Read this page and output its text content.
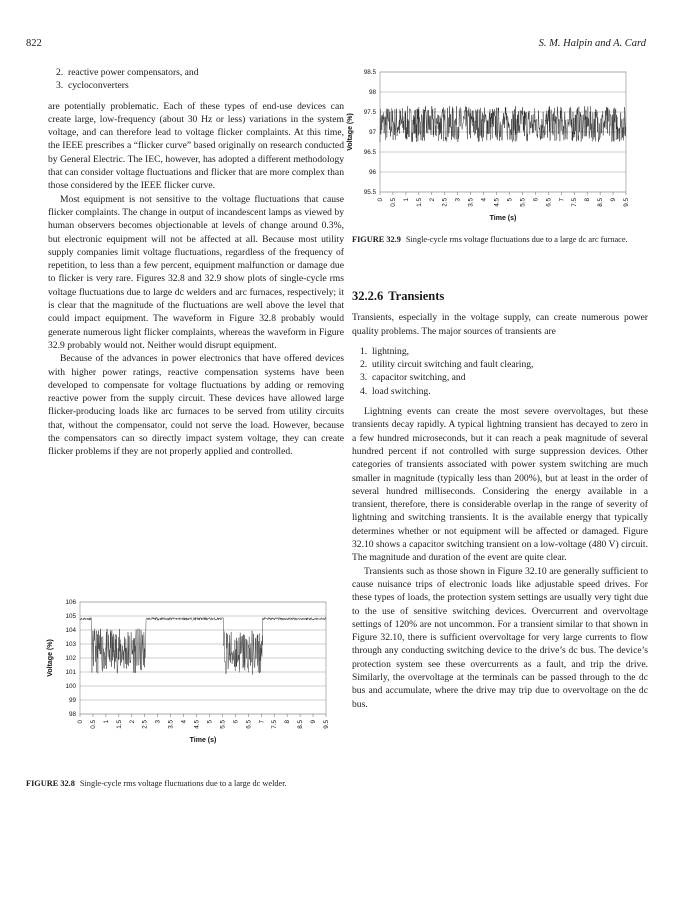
822	S. M. Halpin and A. Card
2. reactive power compensators, and
3. cycloconverters

are potentially problematic. Each of these types of end-use devices can create large, low-frequency (about 30 Hz or less) variations in the system voltage, and can therefore lead to voltage flicker complaints. At this time, the IEEE prescribes a “flicker curve” based originally on research conducted by General Electric. The IEC, however, has adopted a different methodology that can consider voltage fluctuations and flicker that are more complex than those considered by the IEEE flicker curve.

Most equipment is not sensitive to the voltage fluctuations that cause flicker complaints. The change in output of incandescent lamps as viewed by human observers becomes objectionable at levels of change around 0.3%, but electronic equipment will not be affected at all. Because most utility supply companies limit voltage fluctuations, regardless of the frequency of repetition, to less than a few percent, equipment malfunction or damage due to flicker is very rare. Figures 32.8 and 32.9 show plots of single-cycle rms voltage fluctuations due to large dc welders and arc furnaces, respectively; it is clear that the magnitude of the fluctuations are well above the level that could impact equipment. The waveform in Figure 32.8 probably would generate numerous light flicker complaints, whereas the waveform in Figure 32.9 probably would not. Neither would disrupt equipment.

Because of the advances in power electronics that have offered devices with higher power ratings, reactive compensation systems have been developed to compensate for voltage fluctuations by adding or removing reactive power from the supply circuit. These devices have allowed large flicker-producing loads like arc furnaces to be served from utility circuits that, without the compensator, could not serve the load. However, because the compensators can so directly impact system voltage, they can create flicker problems if they are not properly applied and controlled.

32.2.6 Transients

Transients, especially in the voltage supply, can create numerous power quality problems. The major sources of transients are

1. lightning,
2. utility circuit switching and fault clearing,
3. capacitor switching, and
4. load switching.

Lightning events can create the most severe overvoltages, but these transients decay rapidly. A typical lightning transient has decayed to zero in a few hundred microseconds, but it can reach a peak magnitude of several hundred percent if not controlled with surge suppression devices. Other categories of transients associated with power system switching are much smaller in magnitude (typically less than 200%), but at least in the order of several hundred milliseconds. Considering the energy available in a transient, therefore, there is considerable overlap in the range of severity of lightning and switching transients. It is the available energy that typically determines whether or not equipment will be affected or damaged. Figure 32.10 shows a capacitor switching transient on a low-voltage (480 V) circuit. The magnitude and duration of the event are quite clear.

Transients such as those shown in Figure 32.10 are generally sufficient to cause nuisance trips of electronic loads like adjustable speed drives. For these types of loads, the protection system settings are usually very tight due to the use of sensitive switching devices. Overcurrent and overvoltage settings of 120% are not uncommon. For a transient similar to that shown in Figure 32.10, there is sufficient overvoltage for very large currents to flow through any conducting switching device to the drive’s dc bus. The device’s protection system see these overcurrents as a fault, and trip the drive. Similarly, the overvoltage at the terminals can be passed through to the dc bus and accumulate, where the drive may trip due to overvoltage on the dc bus.

95.5
96
96.5
97
97.5
98
98.5
0 0.5 1 1.5 2 2.5 3 3.5 4 4.5 5 5.5 6 6.5 7 7.5 8 8.5 9 9.5
Time (s)
Voltage (%)
FIGURE 32.9 Single-cycle rms voltage fluctuations due to a large dc arc furnace.
98
99
100
101
102
103
104
105
106
0 0.5 1 1.5 2 2.5 3 3.5 4 4.5 5 5.5 6 6.5 7 7.5 8 8.5 9 9.5
Time (s)
Voltage (%)
FIGURE 32.8 Single-cycle rms voltage fluctuations due to a large dc welder.
